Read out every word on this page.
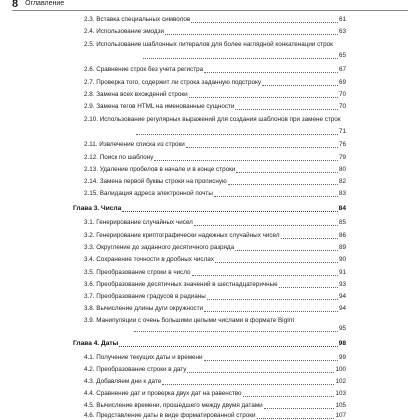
8 Оглавление
2.3. Вставка специальных символов	61
2.4. Использование эмодзи	63
2.5. Использование шаблонных литералов для более наглядной конкатенации строк
65
2.6. Сравнение строк без учета регистра	67
2.7. Проверка того, содержит ли строка заданную подстроку	69
2.8. Замена всех вхождений строки	70
2.9. Замена тегов HTML на именованные сущности	70
2.10. Использование регулярных выражений для создания шаблонов при замене строк
71
2.11. Извлечение списка из строки	76
2.12. Поиск по шаблону	79
2.13. Удаление пробелов в начале и в конце строки	80
2.14. Замена первой буквы строки на прописную	82
2.15. Валидация адреса электронной почты	83
Глава 3. Числа	84
3.1. Генерирование случайных чисел	85
3.2. Генерирование криптографически надежных случайных чисел	86
3.3. Округление до заданного десятичного разряда	89
3.4. Сохранение точности в дробных числах	90
3.5. Преобразование строки в число	91
3.6. Преобразование десятичных значений в шестнадцатеричные	93
3.7. Преобразование градусов в радианы	94
3.8. Вычисление длины дуги окружности	94
3.9. Манипуляции с очень большими целыми числами в формате BigInt
95
Глава 4. Даты	98
4.1. Получение текущих даты и времени	99
4.2. Преобразование строки в дату	100
4.3. Добавляем дни к дате	102
4.4. Сравнение дат и проверка двух дат на равенство	103
4.5. Вычисление времени, прошедшего между двумя датами	105
4.6. Представление даты в виде форматированной строки	107
